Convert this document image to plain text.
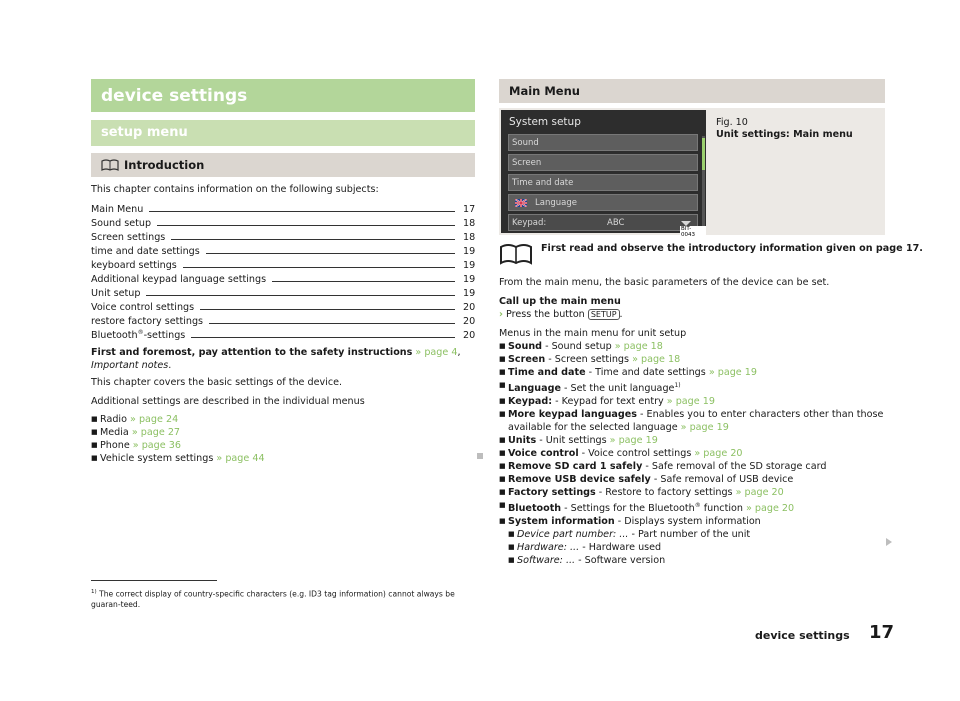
device settings
setup menu
Introduction
This chapter contains information on the following subjects:
Main Menu	17
Sound setup	18
Screen settings	18
time and date settings	19
keyboard settings	19
Additional keypad language settings	19
Unit setup	19
Voice control settings	20
restore factory settings	20
Bluetooth®-settings	20
First and foremost, pay attention to the safety instructions » page 4, Important notes.
This chapter covers the basic settings of the device.
Additional settings are described in the individual menus
■ Radio » page 24
■ Media » page 27
■ Phone » page 36
■ Vehicle system settings » page 44
Main Menu
System setup
Sound
Screen
Time and date
Language
Keypad:	ABC
BIT-0043
Fig. 10
Unit settings: Main menu
First read and observe the introductory information given on page 17.
From the main menu, the basic parameters of the device can be set.
Call up the main menu
› Press the button SETUP .
Menus in the main menu for unit setup
■ Sound - Sound setup » page 18
■ Screen - Screen settings » page 18
■ Time and date - Time and date settings » page 19
■ Language - Set the unit language$^{1)}$
■ Keypad: - Keypad for text entry » page 19
■ More keypad languages - Enables you to enter characters other than those available for the selected language » page 19
■ Units - Unit settings » page 19
■ Voice control - Voice control settings » page 20
■ Remove SD card 1 safely - Safe removal of the SD storage card
■ Remove USB device safely - Safe removal of USB device
■ Factory settings - Restore to factory settings » page 20
■ Bluetooth - Settings for the Bluetooth® function » page 20
■ System information - Displays system information
■ Device part number: ... - Part number of the unit
■ Hardware: ... - Hardware used
■ Software: ... - Software version
$^{1)}$ The correct display of country-specific characters (e.g. ID3 tag information) cannot always be guaran-teed.
device settings 17
